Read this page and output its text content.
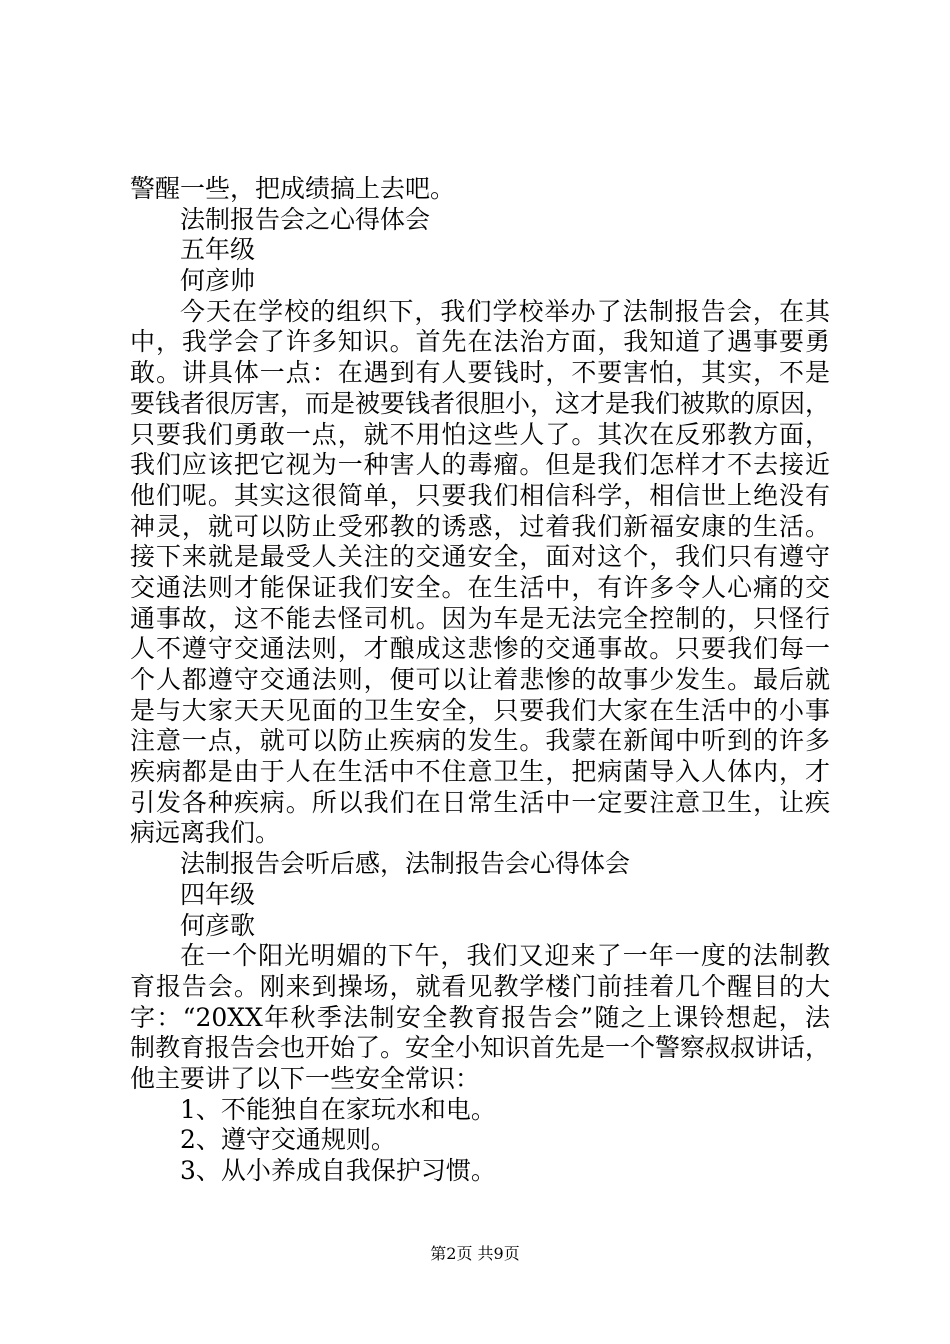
警醒一些，把成绩搞上去吧。
法制报告会之心得体会
五年级
何彦帅
今天在学校的组织下，我们学校举办了法制报告会，在其
中，我学会了许多知识。首先在法治方面，我知道了遇事要勇
敢。讲具体一点：在遇到有人要钱时，不要害怕，其实，不是
要钱者很厉害，而是被要钱者很胆小，这才是我们被欺的原因，
只要我们勇敢一点，就不用怕这些人了。其次在反邪教方面，
我们应该把它视为一种害人的毒瘤。但是我们怎样才不去接近
他们呢。其实这很简单，只要我们相信科学，相信世上绝没有
神灵，就可以防止受邪教的诱惑，过着我们新福安康的生活。
接下来就是最受人关注的交通安全，面对这个，我们只有遵守
交通法则才能保证我们安全。在生活中，有许多令人心痛的交
通事故，这不能去怪司机。因为车是无法完全控制的，只怪行
人不遵守交通法则，才酿成这悲惨的交通事故。只要我们每一
个人都遵守交通法则，便可以让着悲惨的故事少发生。最后就
是与大家天天见面的卫生安全，只要我们大家在生活中的小事
注意一点，就可以防止疾病的发生。我蒙在新闻中听到的许多
疾病都是由于人在生活中不住意卫生，把病菌导入人体内，才
引发各种疾病。所以我们在日常生活中一定要注意卫生，让疾
病远离我们。
法制报告会听后感，法制报告会心得体会
四年级
何彦歌
在一个阳光明媚的下午，我们又迎来了一年一度的法制教
育报告会。刚来到操场，就看见教学楼门前挂着几个醒目的大
字：“20XX年秋季法制安全教育报告会”随之上课铃想起，法
制教育报告会也开始了。安全小知识首先是一个警察叔叔讲话，
他主要讲了以下一些安全常识：
1、不能独自在家玩水和电。
2、遵守交通规则。
3、从小养成自我保护习惯。
第2页 共9页
